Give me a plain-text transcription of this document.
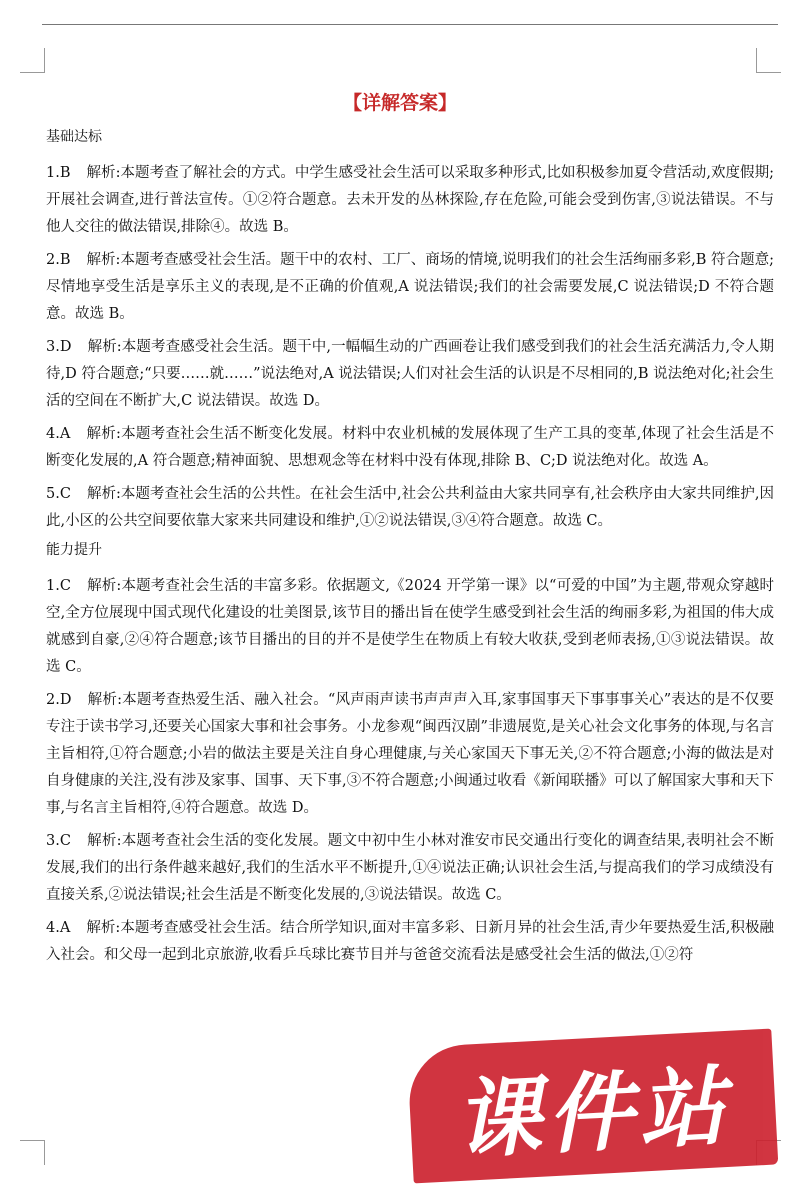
【详解答案】
基础达标

1.B 解析:本题考查了解社会的方式。中学生感受社会生活可以采取多种形式,比如积极参加夏令营活动,欢度假期;开展社会调查,进行普法宣传。①②符合题意。去未开发的丛林探险,存在危险,可能会受到伤害,③说法错误。不与他人交往的做法错误,排除④。故选 B。

2.B 解析:本题考查感受社会生活。题干中的农村、工厂、商场的情境,说明我们的社会生活绚丽多彩,B 符合题意;尽情地享受生活是享乐主义的表现,是不正确的价值观,A 说法错误;我们的社会需要发展,C 说法错误;D 不符合题意。故选 B。

3.D 解析:本题考查感受社会生活。题干中,一幅幅生动的广西画卷让我们感受到我们的社会生活充满活力,令人期待,D 符合题意;“只要……就……”说法绝对,A 说法错误;人们对社会生活的认识是不尽相同的,B 说法绝对化;社会生活的空间在不断扩大,C 说法错误。故选 D。

4.A 解析:本题考查社会生活不断变化发展。材料中农业机械的发展体现了生产工具的变革,体现了社会生活是不断变化发展的,A 符合题意;精神面貌、思想观念等在材料中没有体现,排除 B、C;D 说法绝对化。故选 A。

5.C 解析:本题考查社会生活的公共性。在社会生活中,社会公共利益由大家共同享有,社会秩序由大家共同维护,因此,小区的公共空间要依靠大家来共同建设和维护,①②说法错误,③④符合题意。故选 C。

能力提升

1.C 解析:本题考查社会生活的丰富多彩。依据题文,《2024 开学第一课》以“可爱的中国”为主题,带观众穿越时空,全方位展现中国式现代化建设的壮美图景,该节目的播出旨在使学生感受到社会生活的绚丽多彩,为祖国的伟大成就感到自豪,②④符合题意;该节目播出的目的并不是使学生在物质上有较大收获,受到老师表扬,①③说法错误。故选 C。

2.D 解析:本题考查热爱生活、融入社会。“风声雨声读书声声声入耳,家事国事天下事事事关心”表达的是不仅要专注于读书学习,还要关心国家大事和社会事务。小龙参观“闽西汉剧”非遗展览,是关心社会文化事务的体现,与名言主旨相符,①符合题意;小岩的做法主要是关注自身心理健康,与关心家国天下事无关,②不符合题意;小海的做法是对自身健康的关注,没有涉及家事、国事、天下事,③不符合题意;小闽通过收看《新闻联播》可以了解国家大事和天下事,与名言主旨相符,④符合题意。故选 D。

3.C 解析:本题考查社会生活的变化发展。题文中初中生小林对淮安市民交通出行变化的调查结果,表明社会不断发展,我们的出行条件越来越好,我们的生活水平不断提升,①④说法正确;认识社会生活,与提高我们的学习成绩没有直接关系,②说法错误;社会生活是不断变化发展的,③说法错误。故选 C。

4.A 解析:本题考查感受社会生活。结合所学知识,面对丰富多彩、日新月异的社会生活,青少年要热爱生活,积极融入社会。和父母一起到北京旅游,收看乒乓球比赛节目并与爸爸交流看法是感受社会生活的做法,①②符

课件站
